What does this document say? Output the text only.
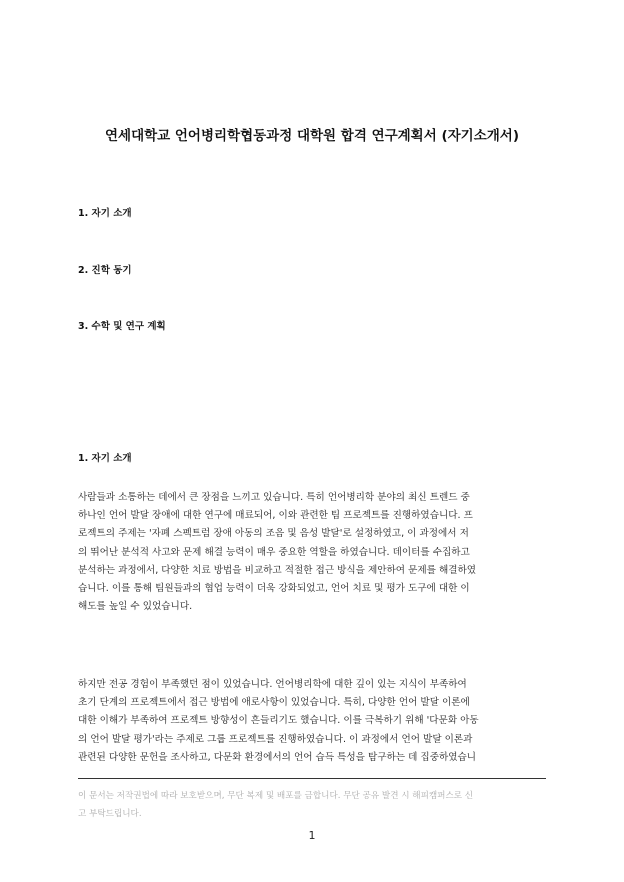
연세대학교 언어병리학협동과정 대학원 합격 연구계획서 (자기소개서)
1. 자기 소개
2. 진학 동기
3. 수학 및 연구 계획
1. 자기 소개
사람들과 소통하는 데에서 큰 장점을 느끼고 있습니다. 특히 언어병리학 분야의 최신 트렌드 중
하나인 언어 발달 장애에 대한 연구에 매료되어, 이와 관련한 팀 프로젝트를 진행하였습니다. 프
로젝트의 주제는 '자폐 스펙트럼 장애 아동의 조음 및 음성 발달'로 설정하였고, 이 과정에서 저
의 뛰어난 분석적 사고와 문제 해결 능력이 매우 중요한 역할을 하였습니다. 데이터를 수집하고
분석하는 과정에서, 다양한 치료 방법을 비교하고 적절한 접근 방식을 제안하여 문제를 해결하였
습니다. 이를 통해 팀원들과의 협업 능력이 더욱 강화되었고, 언어 치료 및 평가 도구에 대한 이
해도를 높일 수 있었습니다.
하지만 전공 경험이 부족했던 점이 있었습니다. 언어병리학에 대한 깊이 있는 지식이 부족하여
초기 단계의 프로젝트에서 접근 방법에 애로사항이 있었습니다. 특히, 다양한 언어 발달 이론에
대한 이해가 부족하여 프로젝트 방향성이 흔들리기도 했습니다. 이를 극복하기 위해 '다문화 아동
의 언어 발달 평가'라는 주제로 그룹 프로젝트를 진행하였습니다. 이 과정에서 언어 발달 이론과
관련된 다양한 문헌을 조사하고, 다문화 환경에서의 언어 습득 특성을 탐구하는 데 집중하였습니
이 문서는 저작권법에 따라 보호받으며, 무단 복제 및 배포를 금합니다. 무단 공유 발견 시 해피캠퍼스로 신
고 부탁드립니다.
1
